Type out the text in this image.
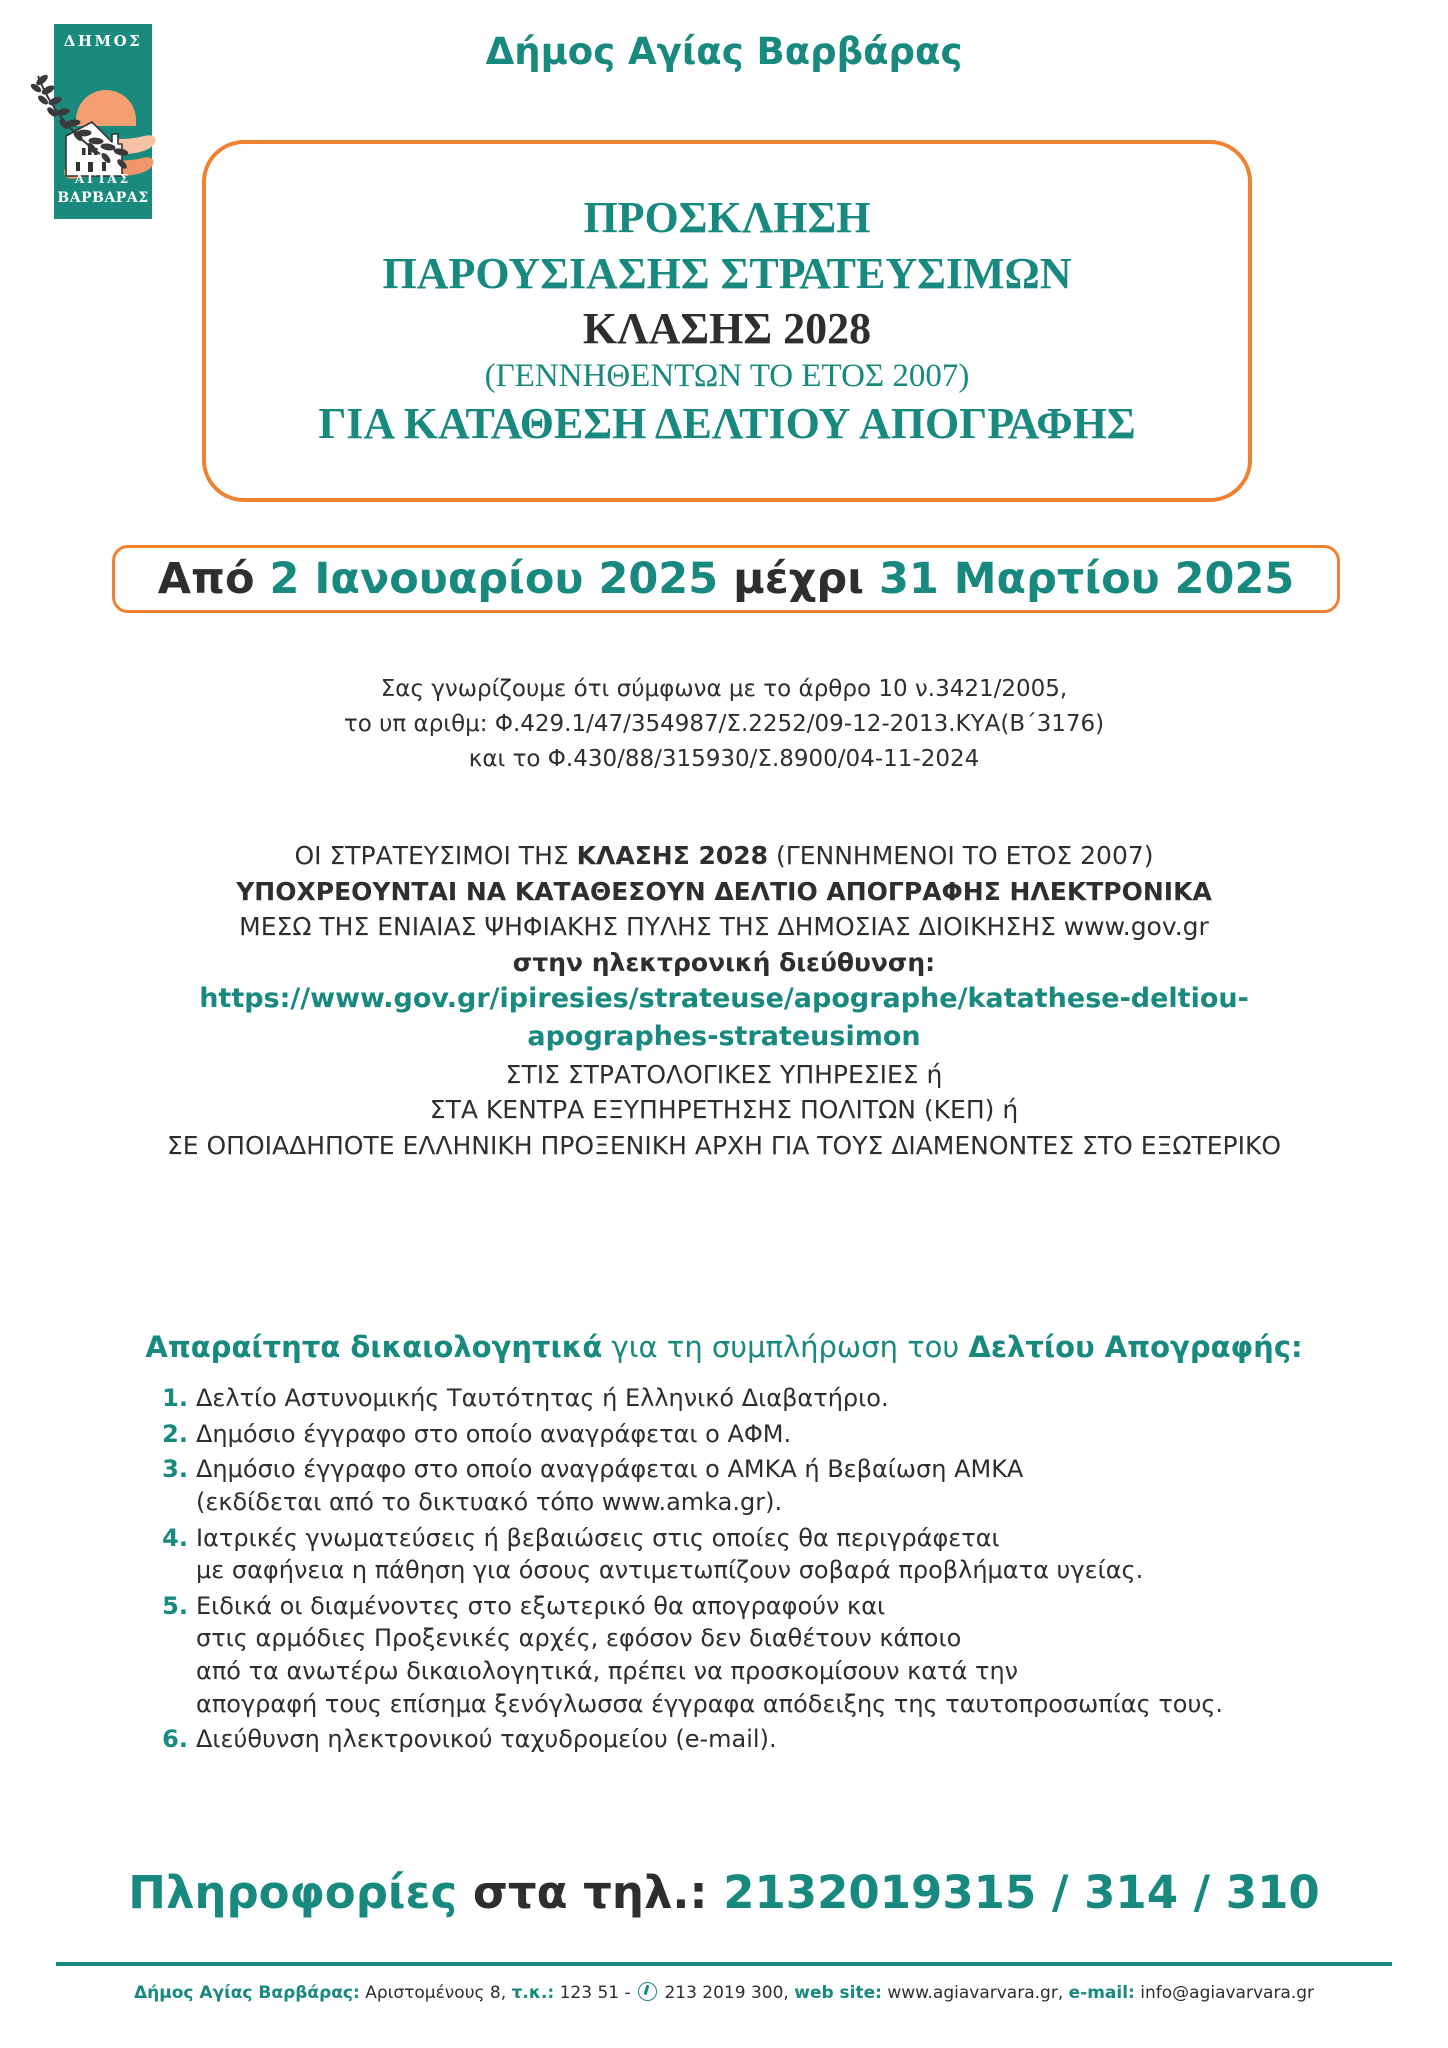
ΔΗΜΟΣ
ΑΓΙΑΣ
ΒΑΡΒΑΡΑΣ
Δήμος Αγίας Βαρβάρας
ΠΡΟΣΚΛΗΣΗ
ΠΑΡΟΥΣΙΑΣΗΣ ΣΤΡΑΤΕΥΣΙΜΩΝ
ΚΛΑΣΗΣ 2028
(ΓΕΝΝΗΘΕΝΤΩΝ ΤΟ ΕΤΟΣ 2007)
ΓΙΑ ΚΑΤΑΘΕΣΗ ΔΕΛΤΙΟΥ ΑΠΟΓΡΑΦΗΣ
Από 2 Ιανουαρίου 2025 μέχρι 31 Μαρτίου 2025
Σας γνωρίζουμε ότι σύμφωνα με το άρθρο 10 ν.3421/2005,
το υπ αριθμ: Φ.429.1/47/354987/Σ.2252/09-12-2013.ΚΥΑ(Β΄3176)
και το Φ.430/88/315930/Σ.8900/04-11-2024
ΟΙ ΣΤΡΑΤΕΥΣΙΜΟΙ ΤΗΣ ΚΛΑΣΗΣ 2028 (ΓΕΝΝΗΜΕΝΟΙ ΤΟ ΕΤΟΣ 2007)
ΥΠΟΧΡΕΟΥΝΤΑΙ ΝΑ ΚΑΤΑΘΕΣΟΥΝ ΔΕΛΤΙΟ ΑΠΟΓΡΑΦΗΣ ΗΛΕΚΤΡΟΝΙΚΑ
ΜΕΣΩ ΤΗΣ ΕΝΙΑΙΑΣ ΨΗΦΙΑΚΗΣ ΠΥΛΗΣ ΤΗΣ ΔΗΜΟΣΙΑΣ ΔΙΟΙΚΗΣΗΣ www.gov.gr
στην ηλεκτρονική διεύθυνση:
https://www.gov.gr/ipiresies/strateuse/apographe/katathese-deltiou-
apographes-strateusimon
ΣΤΙΣ ΣΤΡΑΤΟΛΟΓΙΚΕΣ ΥΠΗΡΕΣΙΕΣ ή
ΣΤΑ ΚΕΝΤΡΑ ΕΞΥΠΗΡΕΤΗΣΗΣ ΠΟΛΙΤΩΝ (ΚΕΠ) ή
ΣΕ ΟΠΟΙΑΔΗΠΟΤΕ ΕΛΛΗΝΙΚΗ ΠΡΟΞΕΝΙΚΗ ΑΡΧΗ ΓΙΑ ΤΟΥΣ ΔΙΑΜΕΝΟΝΤΕΣ ΣΤΟ ΕΞΩΤΕΡΙΚΟ
Απαραίτητα δικαιολογητικά για τη συμπλήρωση του Δελτίου Απογραφής:
1. Δελτίο Αστυνομικής Ταυτότητας ή Ελληνικό Διαβατήριο.
2. Δημόσιο έγγραφο στο οποίο αναγράφεται ο ΑΦΜ.
3. Δημόσιο έγγραφο στο οποίο αναγράφεται ο ΑΜΚΑ ή Βεβαίωση ΑΜΚΑ
(εκδίδεται από το δικτυακό τόπο www.amka.gr).
4. Ιατρικές γνωματεύσεις ή βεβαιώσεις στις οποίες θα περιγράφεται
με σαφήνεια η πάθηση για όσους αντιμετωπίζουν σοβαρά προβλήματα υγείας.
5. Ειδικά οι διαμένοντες στο εξωτερικό θα απογραφούν και
στις αρμόδιες Προξενικές αρχές, εφόσον δεν διαθέτουν κάποιο
από τα ανωτέρω δικαιολογητικά, πρέπει να προσκομίσουν κατά την
απογραφή τους επίσημα ξενόγλωσσα έγγραφα απόδειξης της ταυτοπροσωπίας τους.
6. Διεύθυνση ηλεκτρονικού ταχυδρομείου (e-mail).
Πληροφορίες στα τηλ.: 2132019315 / 314 / 310
Δήμος Αγίας Βαρβάρας: Αριστομένους 8, τ.κ.: 123 51 -  213 2019 300, web site: www.agiavarvara.gr, e-mail: info@agiavarvara.gr
